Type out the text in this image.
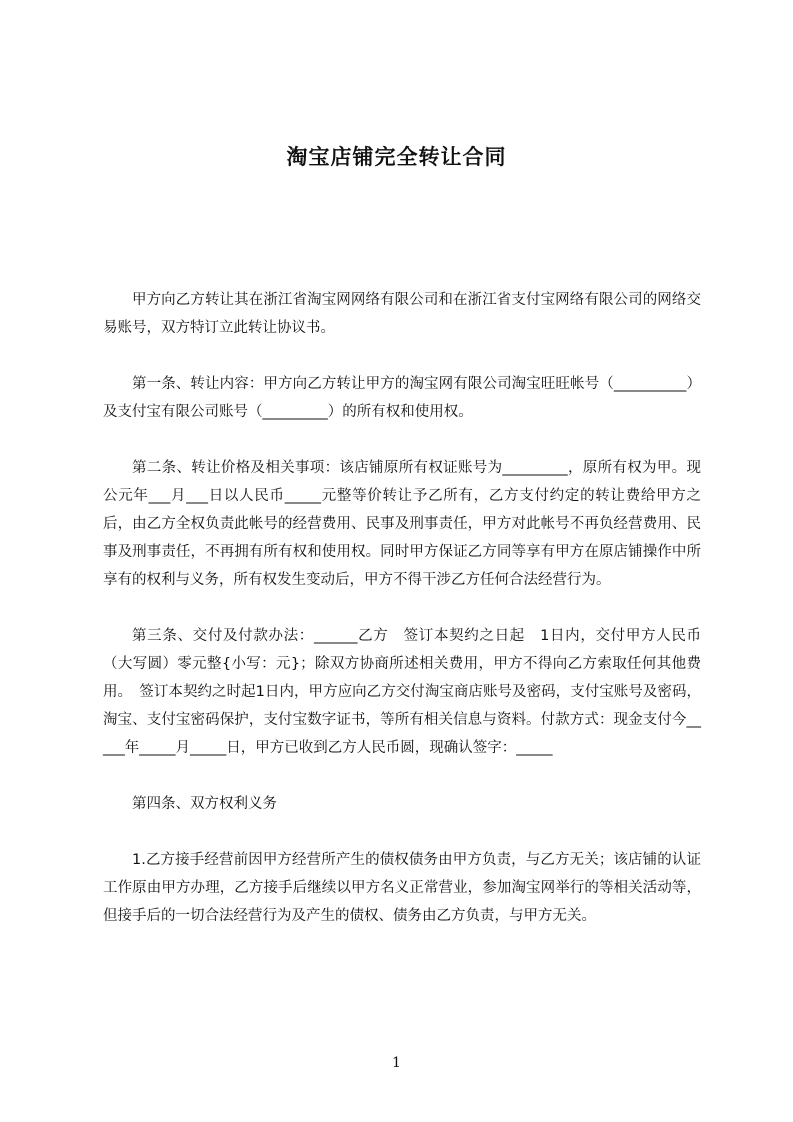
淘宝店铺完全转让合同

甲方向乙方转让其在浙江省淘宝网网络有限公司和在浙江省支付宝网络有限公司的网络交易账号，双方特订立此转让协议书。

第一条、转让内容：甲方向乙方转让甲方的淘宝网有限公司淘宝旺旺帐号（__________）及支付宝有限公司账号（_________）的所有权和使用权。

第二条、转让价格及相关事项：该店铺原所有权证账号为_________，原所有权为甲。现　公元年___月___日以人民币_____元整等价转让予乙所有，乙方支付约定的转让费给甲方之后，由乙方全权负责此帐号的经营费用、民事及刑事责任，甲方对此帐号不再负经营费用、民事及刑事责任，不再拥有所有权和使用权。同时甲方保证乙方同等享有甲方在原店铺操作中所享有的权利与义务，所有权发生变动后，甲方不得干涉乙方任何合法经营行为。

第三条、交付及付款办法：______乙方　签订本契约之日起　1日内，交付甲方人民币（大写圆）零元整{小写：元}；除双方协商所述相关费用，甲方不得向乙方索取任何其他费用。　签订本契约之时起1日内，甲方应向乙方交付淘宝商店账号及密码，支付宝账号及密码，淘宝、支付宝密码保护，支付宝数字证书，等所有相关信息与资料。付款方式：现金支付今_____年_____月_____日，甲方已收到乙方人民币圆，现确认签字：_____

第四条、双方权利义务

1.乙方接手经营前因甲方经营所产生的债权债务由甲方负责，与乙方无关；该店铺的认证工作原由甲方办理，乙方接手后继续以甲方名义正常营业，参加淘宝网举行的等相关活动等，但接手后的一切合法经营行为及产生的债权、债务由乙方负责，与甲方无关。

1
